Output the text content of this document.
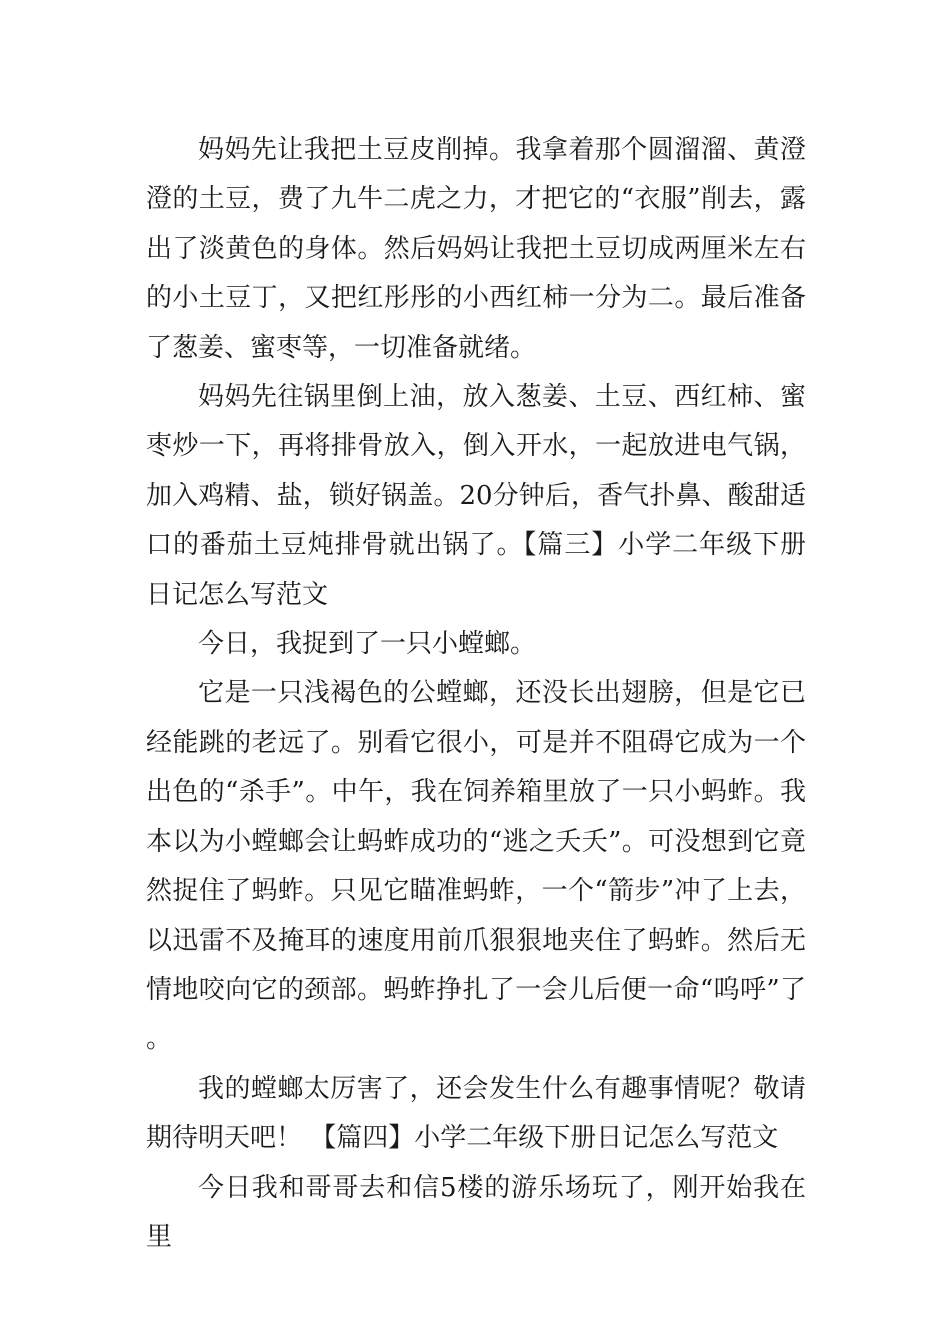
妈妈先让我把土豆皮削掉。我拿着那个圆溜溜、黄澄澄的土豆，费了九牛二虎之力，才把它的“衣服”削去，露出了淡黄色的身体。然后妈妈让我把土豆切成两厘米左右的小土豆丁，又把红彤彤的小西红柿一分为二。最后准备了葱姜、蜜枣等，一切准备就绪。

妈妈先往锅里倒上油，放入葱姜、土豆、西红柿、蜜枣炒一下，再将排骨放入，倒入开水，一起放进电气锅，加入鸡精、盐，锁好锅盖。20分钟后，香气扑鼻、酸甜适口的番茄土豆炖排骨就出锅了。【篇三】小学二年级下册日记怎么写范文

今日，我捉到了一只小螳螂。

它是一只浅褐色的公螳螂，还没长出翅膀，但是它已经能跳的老远了。别看它很小，可是并不阻碍它成为一个出色的“杀手”。中午，我在饲养箱里放了一只小蚂蚱。我本以为小螳螂会让蚂蚱成功的“逃之夭夭”。可没想到它竟然捉住了蚂蚱。只见它瞄准蚂蚱，一个“箭步”冲了上去，以迅雷不及掩耳的速度用前爪狠狠地夹住了蚂蚱。然后无情地咬向它的颈部。蚂蚱挣扎了一会儿后便一命“呜呼”了。

我的螳螂太厉害了，还会发生什么有趣事情呢？敬请期待明天吧！ 【篇四】小学二年级下册日记怎么写范文

今日我和哥哥去和信5楼的游乐场玩了，刚开始我在里
